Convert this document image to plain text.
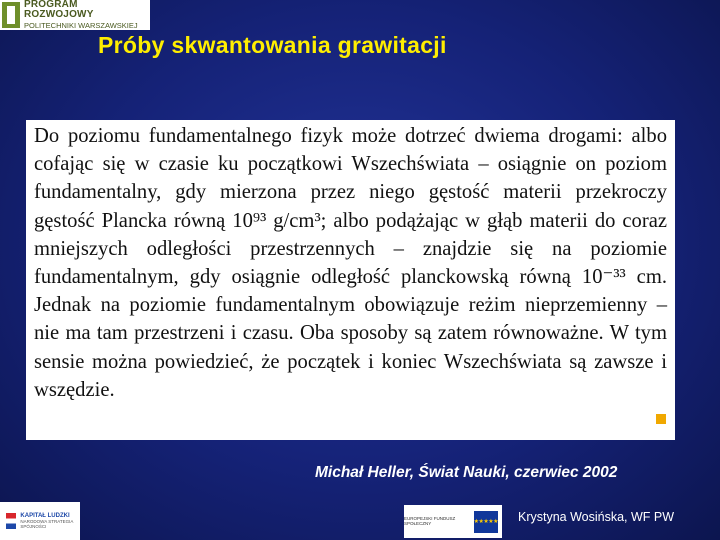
PROGRAM ROZWOJOWY
POLITECHNIKI WARSZAWSKIEJ
Próby skwantowania grawitacji

Do poziomu fundamentalnego fizyk może dotrzeć dwiema drogami: albo cofając się w czasie ku początkowi Wszechświata – osiągnie on poziom fundamentalny, gdy mierzona przez niego gęstość materii przekroczy gęstość Plancka równą 10⁹³ g/cm³; albo podążając w głąb materii do coraz mniejszych odległości przestrzennych – znajdzie się na poziomie fundamentalnym, gdy osiągnie odległość planckowską równą 10⁻³³ cm. Jednak na poziomie fundamentalnym obowiązuje reżim nieprzemienny – nie ma tam przestrzeni i czasu. Oba sposoby są zatem równoważne. W tym sensie można powiedzieć, że początek i koniec Wszechświata są zawsze i wszędzie.

Michał Heller, Świat Nauki, czerwiec 2002
KAPITAŁ LUDZKI
NARODOWA STRATEGIA SPÓJNOŚCI
EUROPEJSKI FUNDUSZ SPOŁECZNY	★★★★★ Krystyna Wosińska, WF PW
